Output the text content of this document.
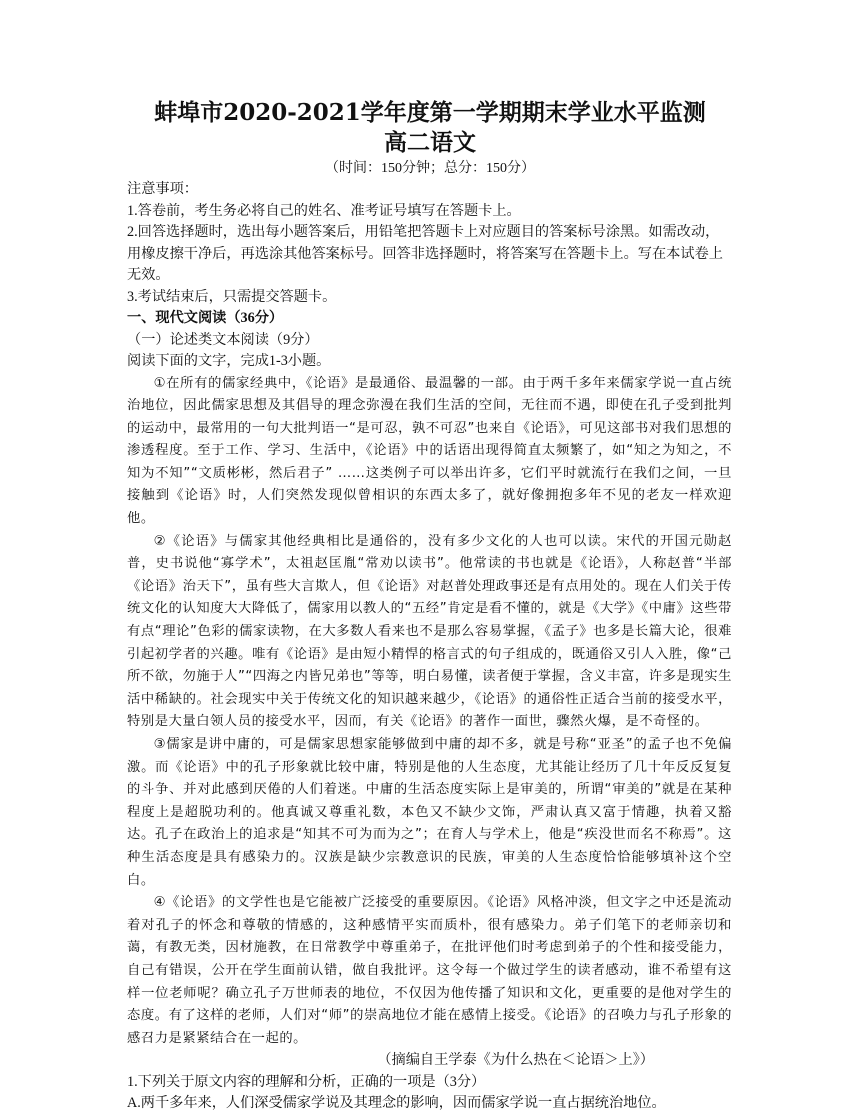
蚌埠市2020-2021学年度第一学期期末学业水平监测
高二语文
（时间：150分钟；总分：150分）

注意事项：

1.答卷前，考生务必将自己的姓名、准考证号填写在答题卡上。

2.回答选择题时，选出每小题答案后，用铅笔把答题卡上对应题目的答案标号涂黑。如需改动，用橡皮擦干净后，再选涂其他答案标号。回答非选择题时，将答案写在答题卡上。写在本试卷上无效。

3.考试结束后，只需提交答题卡。

一、现代文阅读（36分）

（一）论述类文本阅读（9分）

阅读下面的文字，完成1-3小题。

①在所有的儒家经典中，《论语》是最通俗、最温馨的一部。由于两千多年来儒家学说一直占统治地位，因此儒家思想及其倡导的理念弥漫在我们生活的空间，无往而不遇，即使在孔子受到批判的运动中，最常用的一句大批判语一“是可忍，孰不可忍”也来自《论语》，可见这部书对我们思想的渗透程度。至于工作、学习、生活中，《论语》中的话语出现得简直太频繁了，如“知之为知之，不知为不知”“文质彬彬，然后君子” ……这类例子可以举出许多，它们平时就流行在我们之间，一旦接触到《论语》时，人们突然发现似曾相识的东西太多了，就好像拥抱多年不见的老友一样欢迎他。

②《论语》与儒家其他经典相比是通俗的，没有多少文化的人也可以读。宋代的开国元勋赵普，史书说他“寡学术”，太祖赵匡胤“常劝以读书”。他常读的书也就是《论语》，人称赵普“半部《论语》治天下”，虽有些大言欺人，但《论语》对赵普处理政事还是有点用处的。现在人们关于传统文化的认知度大大降低了，儒家用以教人的“五经”肯定是看不懂的，就是《大学》《中庸》这些带有点“理论”色彩的儒家读物，在大多数人看来也不是那么容易掌握，《孟子》也多是长篇大论，很难引起初学者的兴趣。唯有《论语》是由短小精悍的格言式的句子组成的，既通俗又引人入胜，像“己所不欲，勿施于人”“四海之内皆兄弟也”等等，明白易懂，读者便于掌握，含义丰富，许多是现实生活中稀缺的。社会现实中关于传统文化的知识越来越少，《论语》的通俗性正适合当前的接受水平，特别是大量白领人员的接受水平，因而，有关《论语》的著作一面世，骤然火爆，是不奇怪的。

③儒家是讲中庸的，可是儒家思想家能够做到中庸的却不多，就是号称“亚圣”的孟子也不免偏激。而《论语》中的孔子形象就比较中庸，特别是他的人生态度，尤其能让经历了几十年反反复复的斗争、并对此感到厌倦的人们着迷。中庸的生活态度实际上是审美的，所谓“审美的”就是在某种程度上是超脱功利的。他真诚又尊重礼数，本色又不缺少文饰，严肃认真又富于情趣，执着又豁达。孔子在政治上的追求是“知其不可为而为之”；在育人与学术上，他是“疾没世而名不称焉”。这种生活态度是具有感染力的。汉族是缺少宗教意识的民族，审美的人生态度恰恰能够填补这个空白。

④《论语》的文学性也是它能被广泛接受的重要原因。《论语》风格冲淡，但文字之中还是流动着对孔子的怀念和尊敬的情感的，这种感情平实而质朴，很有感染力。弟子们笔下的老师亲切和蔼，有教无类，因材施教，在日常教学中尊重弟子，在批评他们时考虑到弟子的个性和接受能力，自己有错误，公开在学生面前认错，做自我批评。这令每一个做过学生的读者感动，谁不希望有这样一位老师呢？确立孔子万世师表的地位，不仅因为他传播了知识和文化，更重要的是他对学生的态度。有了这样的老师，人们对“师”的崇高地位才能在感情上接受。《论语》的召唤力与孔子形象的感召力是紧紧结合在一起的。

（摘编自王学泰《为什么热在＜论语＞上》）

1.下列关于原文内容的理解和分析，正确的一项是（3分）

A.两千多年来，人们深受儒家学说及其理念的影响，因而儒家学说一直占据统治地位。
